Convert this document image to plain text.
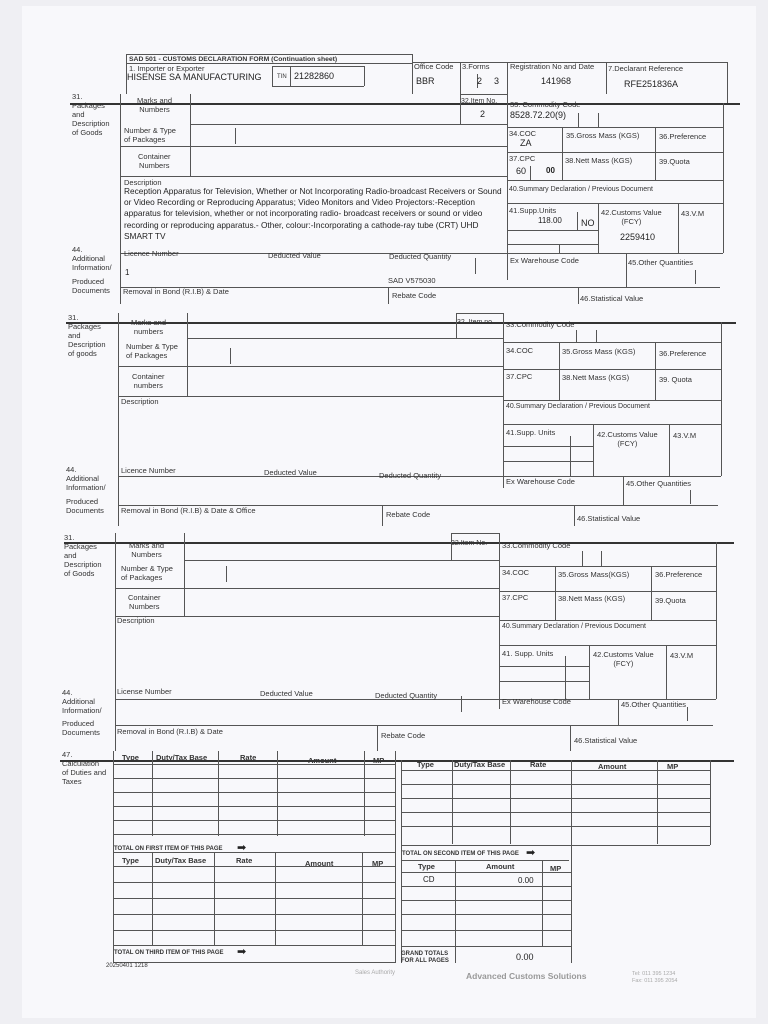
SAD 501 - CUSTOMS DECLARATION FORM (Continuation sheet)
1. Importer or Exporter
HISENSE SA MANUFACTURING	TIN 21282860
Office Code
BBR
3.Forms
2 3
Registration No and Date
141968
7.Declarant Reference
RFE251836A
31.
Packages
and
Description
of Goods
Marks and
Numbers
32.Item No.
2
33. Commodity Code
8528.72.20(9)
Number & Type
of Packages
Container
Numbers
34.COC
ZA
35.Gross Mass (KGS)	36.Preference
37.CPC
60 00
38.Nett Mass (KGS)	39.Quota
Description
Reception Apparatus for Television, Whether or Not Incorporating Radio-broadcast Receivers or Sound or Video Recording or Reproducing Apparatus; Video Monitors and Video Projectors:-Reception apparatus for television, whether or not incorporating radio- broadcast receivers or sound or video recording or reproducing apparatus.- Other, colour:-Incorporating a cathode-ray tube (CRT) UHD SMART TV
40.Summary Declaration / Previous Document
41.Supp.Units
118.00 NO
42.Customs Value
(FCY)
2259410
43.V.M
44.
Additional
Information/
Produced
Documents
Licence Number
1
Deducted Value	Deducted Quantity
SAD V575030
Ex Warehouse Code	45.Other Quantities
Removal in Bond (R.I.B) & Date	Rebate Code	46.Statistical Value
31.
Packages
and
Description
of goods
Marks and
numbers
32. Item no. 33.Commodity Code
Number & Type
of Packages
Container
numbers
34.COC	35.Gross Mass (KGS)	36.Preference
37.CPC	38.Nett Mass (KGS)	39. Quota
Description
40.Summary Declaration / Previous Document
41.Supp. Units	42.Customs Value
(FCY)
43.V.M
44.
Additional
Information/
Produced
Documents
Licence Number	Deducted Value	Deducted Quantity
Ex Warehouse Code	45.Other Quantities
Removal in Bond (R.I.B) & Date & Office	Rebate Code	46.Statistical Value
31.
Packages
and
Description
of Goods
Marks and
Numbers
32.Item No. 33.Commodity Code
Number & Type
of Packages
Container
Numbers
34.COC	35.Gross Mass(KGS)	36.Preference
37.CPC	38.Nett Mass (KGS)	39.Quota
Description
40.Summary Declaration / Previous Document
41. Supp. Units	42.Customs Value
(FCY)
43.V.M
44.
Additional
Information/
Produced
Documents
License Number	Deducted Value	Deducted Quantity
Ex Warehouse Code	45.Other Quantities
Removal in Bond (R.I.B) & Date	Rebate Code
46.Statistical Value
47.
Calculation
of Duties and
Taxes
Type Duty/Tax Base	Rate	Amount	MP
TOTAL ON FIRST ITEM OF THIS PAGE ➡
Type	Duty/Tax Base	Rate	Amount	MP
TOTAL ON SECOND ITEM OF THIS PAGE ➡
Type Duty/Tax Base	Rate	Amount	MP
TOTAL ON THIRD ITEM OF THIS PAGE ➡
Type	Amount	MP
CD	0.00
GRAND TOTALS
FOR ALL PAGES	0.00
20250401 1218
Sales Authority	Advanced Customs Solutions	Tel: 011 395 1234
Fax: 011 395 2054
